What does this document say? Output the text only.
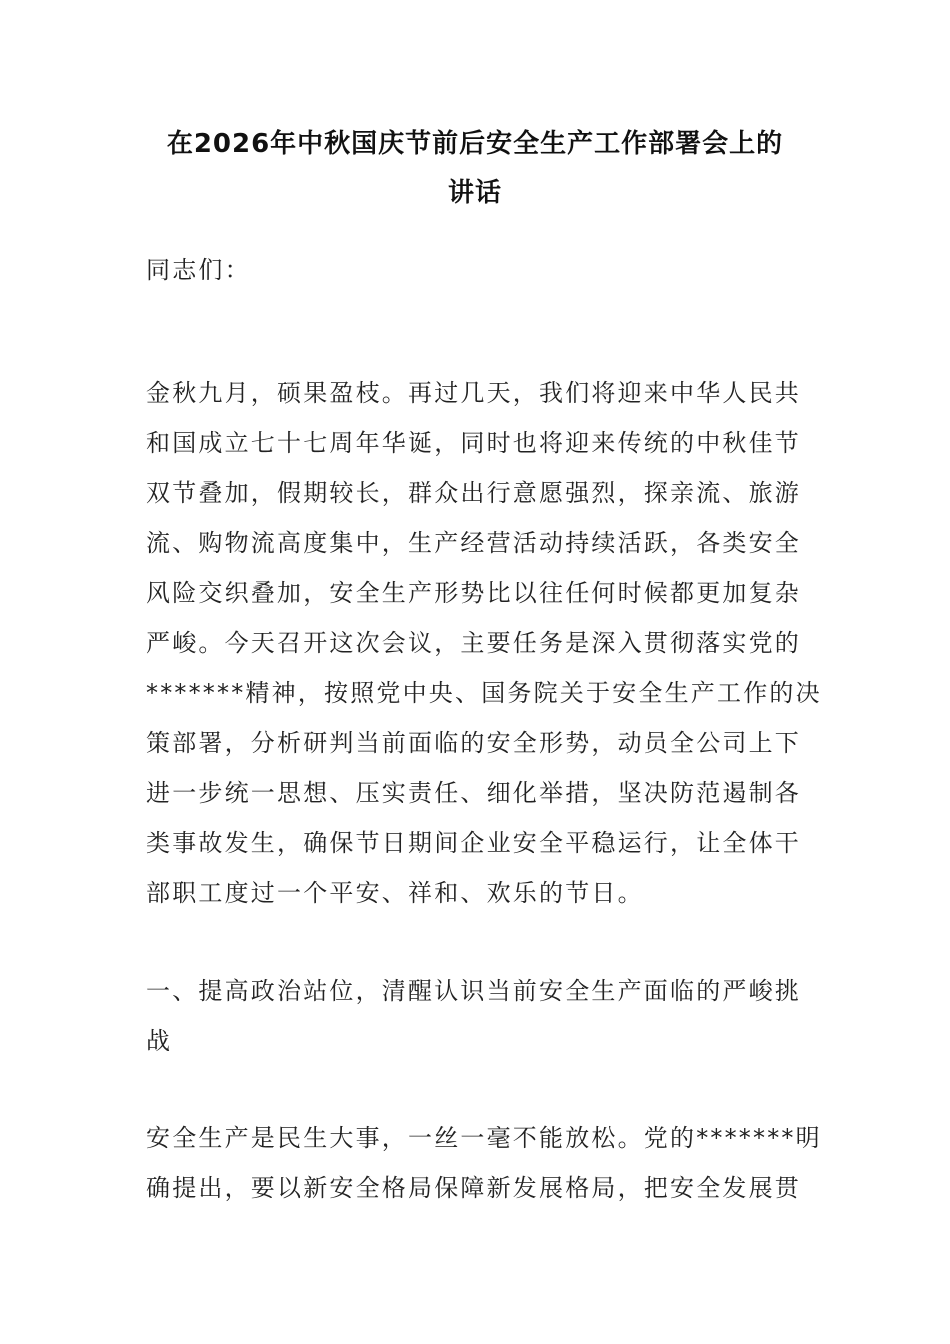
在2026年中秋国庆节前后安全生产工作部署会上的
讲话

同志们：

金秋九月，硕果盈枝。再过几天，我们将迎来中华人民共
和国成立七十七周年华诞，同时也将迎来传统的中秋佳节
双节叠加，假期较长，群众出行意愿强烈，探亲流、旅游
流、购物流高度集中，生产经营活动持续活跃，各类安全
风险交织叠加，安全生产形势比以往任何时候都更加复杂
严峻。今天召开这次会议，主要任务是深入贯彻落实党的
*******精神，按照党中央、国务院关于安全生产工作的决
策部署，分析研判当前面临的安全形势，动员全公司上下
进一步统一思想、压实责任、细化举措，坚决防范遏制各
类事故发生，确保节日期间企业安全平稳运行，让全体干
部职工度过一个平安、祥和、欢乐的节日。
一、提高政治站位，清醒认识当前安全生产面临的严峻挑
战
安全生产是民生大事，一丝一毫不能放松。党的*******明
确提出，要以新安全格局保障新发展格局，把安全发展贯
